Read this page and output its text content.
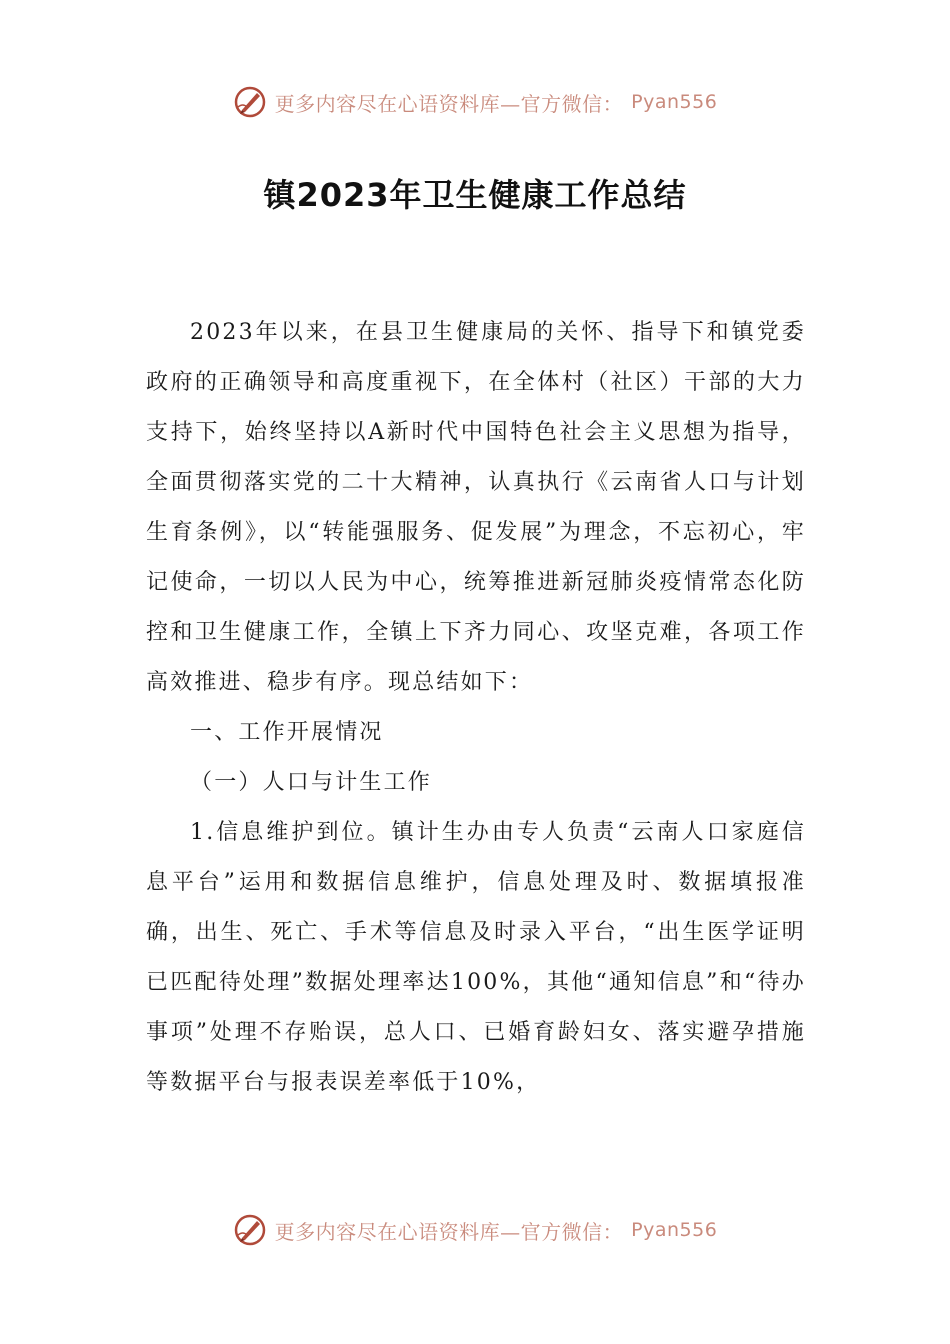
更多内容尽在心语资料库—官方微信： Pyan556
镇2023年卫生健康工作总结

2023年以来，在县卫生健康局的关怀、指导下和镇党委政府的正确领导和高度重视下，在全体村（社区）干部的大力支持下，始终坚持以A新时代中国特色社会主义思想为指导，全面贯彻落实党的二十大精神，认真执行《云南省人口与计划生育条例》，以“转能强服务、促发展”为理念，不忘初心，牢记使命，一切以人民为中心，统筹推进新冠肺炎疫情常态化防控和卫生健康工作，全镇上下齐力同心、攻坚克难，各项工作高效推进、稳步有序。现总结如下：

一、工作开展情况

（一）人口与计生工作

1.信息维护到位。镇计生办由专人负责“云南人口家庭信息平台”运用和数据信息维护，信息处理及时、数据填报准确，出生、死亡、手术等信息及时录入平台，“出生医学证明已匹配待处理”数据处理率达100%，其他“通知信息”和“待办事项”处理不存贻误，总人口、已婚育龄妇女、落实避孕措施等数据平台与报表误差率低于10%，

更多内容尽在心语资料库—官方微信： Pyan556
